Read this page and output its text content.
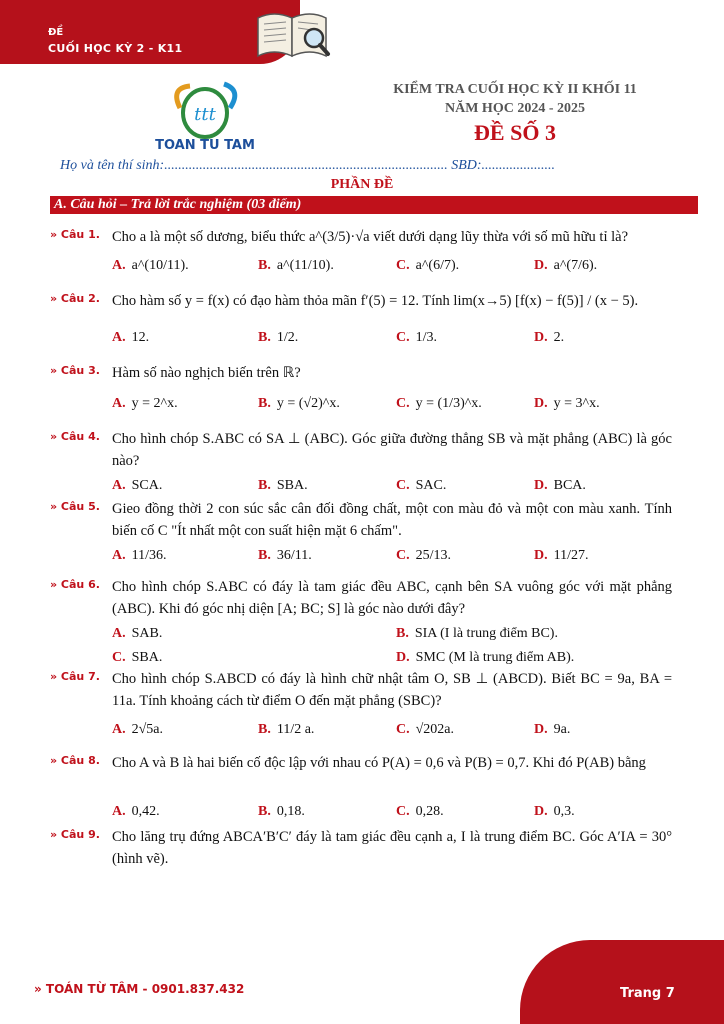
ĐỀ
CUỐI HỌC KỲ 2 - K11
ttt
TOAN TU TAM
KIỂM TRA CUỐI HỌC KỲ II KHỐI 11
NĂM HỌC 2024 - 2025
ĐỀ SỐ 3
Họ và tên thí sinh:................................................................................. SBD:.....................
PHẦN ĐỀ
A. Câu hỏi – Trả lời trắc nghiệm (03 điểm)
» Câu 1. Cho a là một số dương, biểu thức a^(3/5)·√a viết dưới dạng lũy thừa với số mũ hữu tỉ là?
A. a^(10/11).	B. a^(11/10).	C. a^(6/7).	D. a^(7/6).
» Câu 2. Cho hàm số y = f(x) có đạo hàm thỏa mãn f′(5) = 12. Tính lim(x→5) [f(x) − f(5)] / (x − 5).
A. 12.	B. 1/2.	C. 1/3.	D. 2.
» Câu 3. Hàm số nào nghịch biến trên ℝ?
A. y = 2^x.	B. y = (√2)^x.	C. y = (1/3)^x.	D. y = 3^x.
» Câu 4. Cho hình chóp S.ABC có SA ⊥ (ABC). Góc giữa đường thẳng SB và mặt phẳng (ABC) là góc nào?
A. SCA.	B. SBA.	C. SAC.	D. BCA.
» Câu 5. Gieo đồng thời 2 con súc sắc cân đối đồng chất, một con màu đỏ và một con màu xanh. Tính biến cố C "Ít nhất một con suất hiện mặt 6 chấm".
A. 11/36.	B. 36/11.	C. 25/13.	D. 11/27.
» Câu 6. Cho hình chóp S.ABC có đáy là tam giác đều ABC, cạnh bên SA vuông góc với mặt phẳng (ABC). Khi đó góc nhị diện [A; BC; S] là góc nào dưới đây?
A. SAB.	B. SIA (I là trung điểm BC).
C. SBA.	D. SMC (M là trung điểm AB).
» Câu 7. Cho hình chóp S.ABCD có đáy là hình chữ nhật tâm O, SB ⊥ (ABCD). Biết BC = 9a, BA = 11a. Tính khoảng cách từ điểm O đến mặt phẳng (SBC)?
A. 2√5a.	B. 11/2 a.	C. √202a.	D. 9a.
» Câu 8. Cho A và B là hai biến cố độc lập với nhau có P(A) = 0,6 và P(B) = 0,7. Khi đó P(AB) bằng
A. 0,42.	B. 0,18.	C. 0,28.	D. 0,3.
» Câu 9. Cho lăng trụ đứng ABCA′B′C′ đáy là tam giác đều cạnh a, I là trung điểm BC. Góc A′IA = 30° (hình vẽ).
» TOÁN TỪ TÂM - 0901.837.432	Trang 7
